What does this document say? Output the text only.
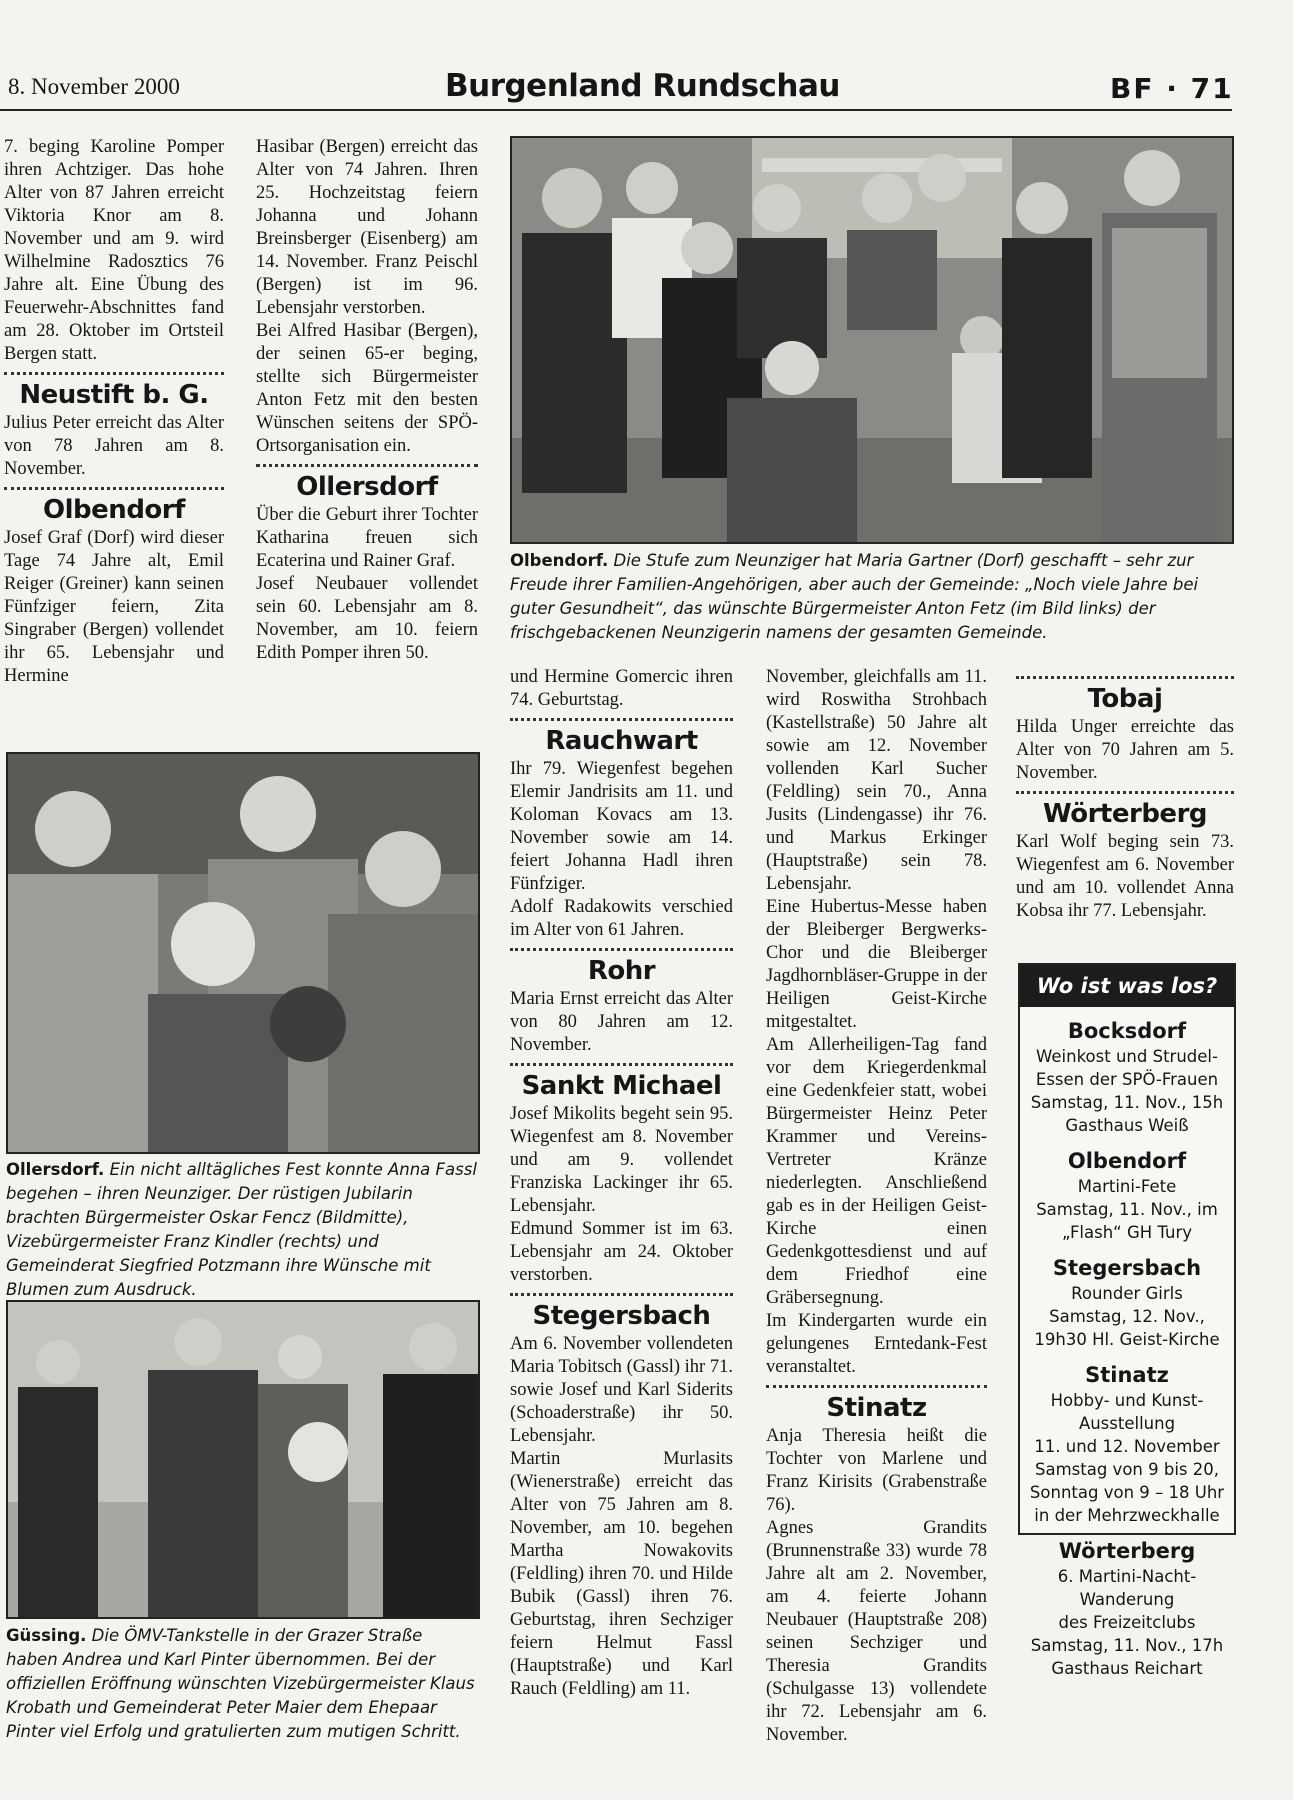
8. November 2000	Burgenland Rundschau	BF · 71

7. beging Karoline Pomper ihren Achtziger. Das hohe Alter von 87 Jahren erreicht Viktoria Knor am 8. November und am 9. wird Wilhelmine Radosztics 76 Jahre alt. Eine Übung des Feuerwehr-Abschnittes fand am 28. Oktober im Ortsteil Bergen statt.

Neustift b. G.

Julius Peter erreicht das Alter von 78 Jahren am 8. November.

Olbendorf

Josef Graf (Dorf) wird dieser Tage 74 Jahre alt, Emil Reiger (Greiner) kann seinen Fünfziger feiern, Zita Singraber (Bergen) vollendet ihr 65. Lebensjahr und Hermine

Hasibar (Bergen) erreicht das Alter von 74 Jahren. Ihren 25. Hochzeitstag feiern Johanna und Johann Breinsberger (Eisenberg) am 14. November. Franz Peischl (Bergen) ist im 96. Lebensjahr verstorben.

Bei Alfred Hasibar (Bergen), der seinen 65-er beging, stellte sich Bürgermeister Anton Fetz mit den besten Wünschen seitens der SPÖ-Ortsorganisation ein.

Ollersdorf

Über die Geburt ihrer Tochter Katharina freuen sich Ecaterina und Rainer Graf.

Josef Neubauer vollendet sein 60. Lebensjahr am 8. November, am 10. feiern Edith Pomper ihren 50.

Olbendorf. Die Stufe zum Neunziger hat Maria Gartner (Dorf) geschafft – sehr zur Freude ihrer Familien-Angehörigen, aber auch der Gemeinde: „Noch viele Jahre bei guter Gesundheit“, das wünschte Bürgermeister Anton Fetz (im Bild links) der frischgebackenen Neunzigerin namens der gesamten Gemeinde.
Ollersdorf. Ein nicht alltägliches Fest konnte Anna Fassl begehen – ihren Neunziger. Der rüstigen Jubilarin brachten Bürgermeister Oskar Fencz (Bildmitte), Vizebürgermeister Franz Kindler (rechts) und Gemeinderat Siegfried Potzmann ihre Wünsche mit Blumen zum Ausdruck.
Güssing. Die ÖMV-Tankstelle in der Grazer Straße haben Andrea und Karl Pinter übernommen. Bei der offiziellen Eröffnung wünschten Vizebürgermeister Klaus Krobath und Gemeinderat Peter Maier dem Ehepaar Pinter viel Erfolg und gratulierten zum mutigen Schritt.

und Hermine Gomercic ihren 74. Geburtstag.

Rauchwart

Ihr 79. Wiegenfest begehen Elemir Jandrisits am 11. und Koloman Kovacs am 13. November sowie am 14. feiert Johanna Hadl ihren Fünfziger.

Adolf Radakowits verschied im Alter von 61 Jahren.

Rohr

Maria Ernst erreicht das Alter von 80 Jahren am 12. November.

Sankt Michael

Josef Mikolits begeht sein 95. Wiegenfest am 8. November und am 9. vollendet Franziska Lackinger ihr 65. Lebensjahr.

Edmund Sommer ist im 63. Lebensjahr am 24. Oktober verstorben.

Stegersbach

Am 6. November vollendeten Maria Tobitsch (Gassl) ihr 71. sowie Josef und Karl Siderits (Schoaderstraße) ihr 50. Lebensjahr.

Martin Murlasits (Wienerstraße) erreicht das Alter von 75 Jahren am 8. November, am 10. begehen Martha Nowakovits (Feldling) ihren 70. und Hilde Bubik (Gassl) ihren 76. Geburtstag, ihren Sechziger feiern Helmut Fassl (Hauptstraße) und Karl Rauch (Feldling) am 11.

November, gleichfalls am 11. wird Roswitha Strohbach (Kastellstraße) 50 Jahre alt sowie am 12. November vollenden Karl Sucher (Feldling) sein 70., Anna Jusits (Lindengasse) ihr 76. und Markus Erkinger (Hauptstraße) sein 78. Lebensjahr.

Eine Hubertus-Messe haben der Bleiberger Bergwerks-Chor und die Bleiberger Jagdhornbläser-Gruppe in der Heiligen Geist-Kirche mitgestaltet.

Am Allerheiligen-Tag fand vor dem Kriegerdenkmal eine Gedenkfeier statt, wobei Bürgermeister Heinz Peter Krammer und Vereins-Vertreter Kränze niederlegten. Anschließend gab es in der Heiligen Geist-Kirche einen Gedenkgottesdienst und auf dem Friedhof eine Gräbersegnung.

Im Kindergarten wurde ein gelungenes Erntedank-Fest veranstaltet.

Stinatz

Anja Theresia heißt die Tochter von Marlene und Franz Kirisits (Grabenstraße 76).

Agnes Grandits (Brunnenstraße 33) wurde 78 Jahre alt am 2. November, am 4. feierte Johann Neubauer (Hauptstraße 208) seinen Sechziger und Theresia Grandits (Schulgasse 13) vollendete ihr 72. Lebensjahr am 6. November.

Tobaj

Hilda Unger erreichte das Alter von 70 Jahren am 5. November.

Wörterberg

Karl Wolf beging sein 73. Wiegenfest am 6. November und am 10. vollendet Anna Kobsa ihr 77. Lebensjahr.

Wo ist was los?
Bocksdorf
Weinkost und Strudel-
Essen der SPÖ-Frauen
Samstag, 11. Nov., 15h
Gasthaus Weiß
Olbendorf
Martini-Fete
Samstag, 11. Nov., im
„Flash“ GH Tury
Stegersbach
Rounder Girls
Samstag, 12. Nov.,
19h30 Hl. Geist-Kirche
Stinatz
Hobby- und Kunst-
Ausstellung
11. und 12. November
Samstag von 9 bis 20,
Sonntag von 9 – 18 Uhr
in der Mehrzweckhalle
Wörterberg
6. Martini-Nacht-
Wanderung
des Freizeitclubs
Samstag, 11. Nov., 17h
Gasthaus Reichart
